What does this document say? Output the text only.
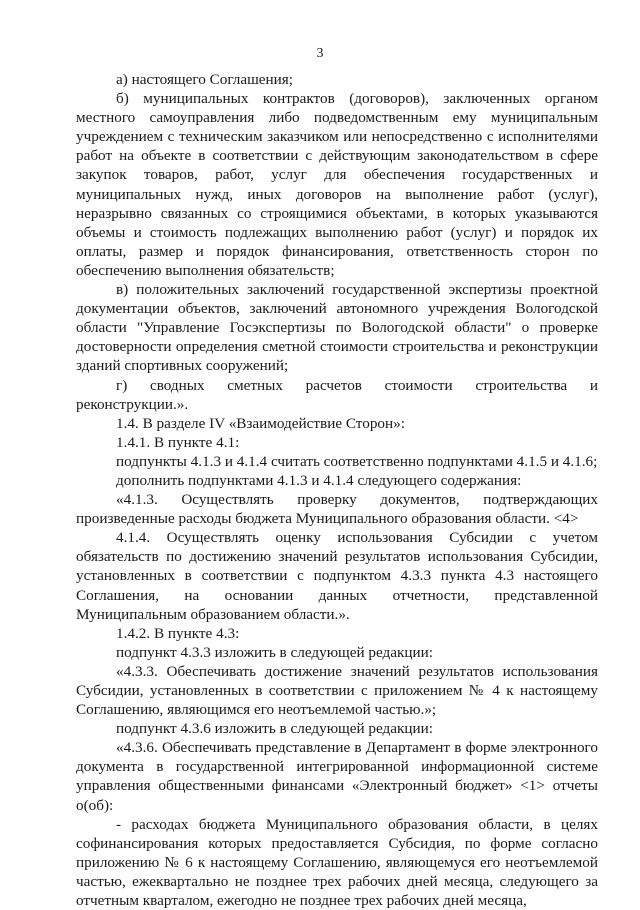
3

а) настоящего Соглашения;

б) муниципальных контрактов (договоров), заключенных органом местного самоуправления либо подведомственным ему муниципальным учреждением с техническим заказчиком или непосредственно с исполнителями работ на объекте в соответствии с действующим законодательством в сфере закупок товаров, работ, услуг для обеспечения государственных и муниципальных нужд, иных договоров на выполнение работ (услуг), неразрывно связанных со строящимися объектами, в которых указываются объемы и стоимость подлежащих выполнению работ (услуг) и порядок их оплаты, размер и порядок финансирования, ответственность сторон по обеспечению выполнения обязательств;

в) положительных заключений государственной экспертизы проектной документации объектов, заключений автономного учреждения Вологодской области "Управление Госэкспертизы по Вологодской области" о проверке достоверности определения сметной стоимости строительства и реконструкции зданий спортивных сооружений;

г) сводных сметных расчетов стоимости строительства и реконструкции.».

1.4. В разделе IV «Взаимодействие Сторон»:

1.4.1. В пункте 4.1:

подпункты 4.1.3 и 4.1.4 считать соответственно подпунктами 4.1.5 и 4.1.6;

дополнить подпунктами 4.1.3 и 4.1.4 следующего содержания:

«4.1.3. Осуществлять проверку документов, подтверждающих произведенные расходы бюджета Муниципального образования области. <4>

4.1.4. Осуществлять оценку использования Субсидии с учетом обязательств по достижению значений результатов использования Субсидии, установленных в соответствии с подпунктом 4.3.3 пункта 4.3 настоящего Соглашения, на основании данных отчетности, представленной Муниципальным образованием области.».

1.4.2. В пункте 4.3:

подпункт 4.3.3 изложить в следующей редакции:

«4.3.3. Обеспечивать достижение значений результатов использования Субсидии, установленных в соответствии с приложением № 4 к настоящему Соглашению, являющимся его неотъемлемой частью.»;

подпункт 4.3.6 изложить в следующей редакции:

«4.3.6. Обеспечивать представление в Департамент в форме электронного документа в государственной интегрированной информационной системе управления общественными финансами «Электронный бюджет» <1> отчеты о(об):

- расходах бюджета Муниципального образования области, в целях софинансирования которых предоставляется Субсидия, по форме согласно приложению № 6 к настоящему Соглашению, являющемуся его неотъемлемой частью, ежеквартально не позднее трех рабочих дней месяца, следующего за отчетным кварталом, ежегодно не позднее трех рабочих дней месяца,
